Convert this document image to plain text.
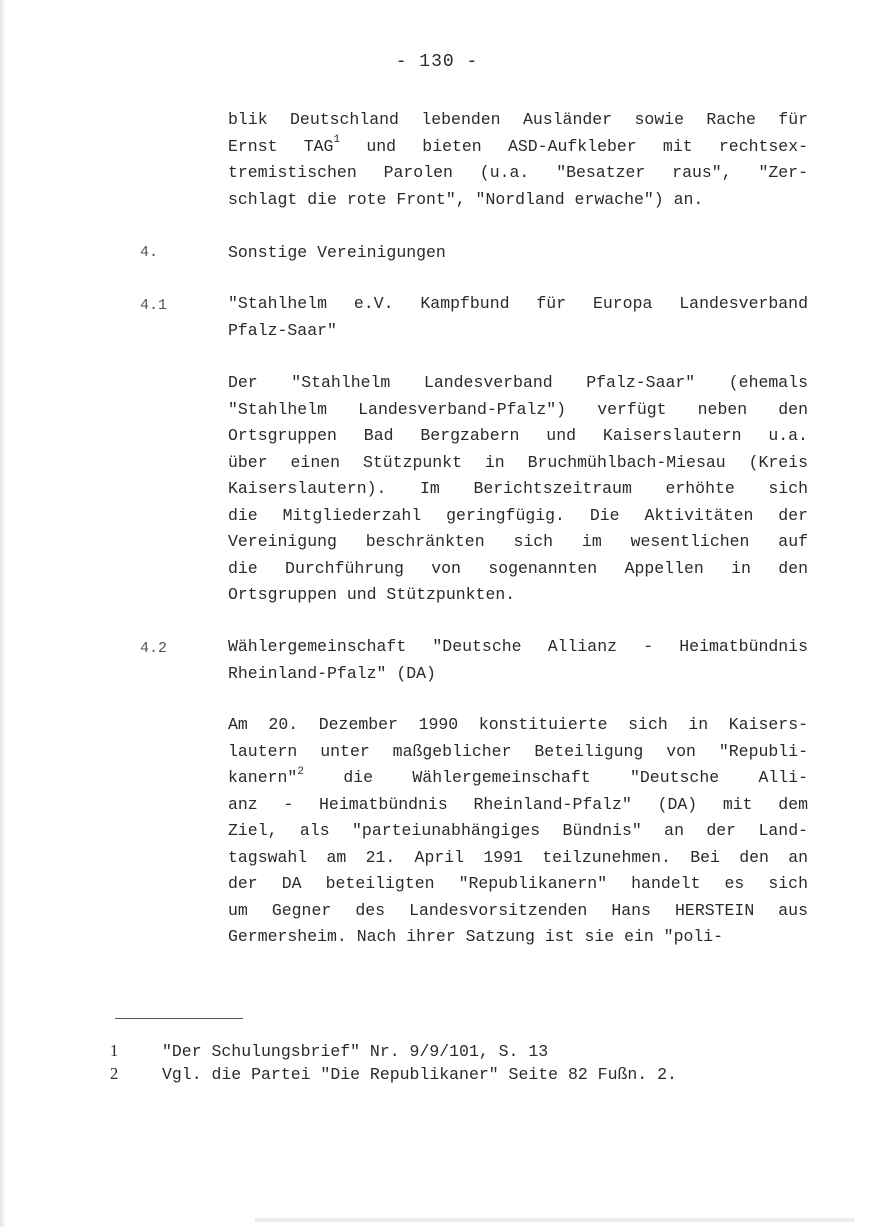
- 130 -
blik Deutschland lebenden Ausländer sowie Rache für
Ernst TAG$^1$ und bieten ASD-Aufkleber mit rechtsex-
tremistischen Parolen (u.a. "Besatzer raus", "Zer-
schlagt die rote Front", "Nordland erwache") an.
4.	Sonstige Vereinigungen
4.1	"Stahlhelm e.V. Kampfbund für Europa Landesverband
Pfalz-Saar"
Der "Stahlhelm Landesverband Pfalz-Saar" (ehemals
"Stahlhelm Landesverband-Pfalz") verfügt neben den
Ortsgruppen Bad Bergzabern und Kaiserslautern u.a.
über einen Stützpunkt in Bruchmühlbach-Miesau (Kreis
Kaiserslautern). Im Berichtszeitraum erhöhte sich
die Mitgliederzahl geringfügig. Die Aktivitäten der
Vereinigung beschränkten sich im wesentlichen auf
die Durchführung von sogenannten Appellen in den
Ortsgruppen und Stützpunkten.
4.2	Wählergemeinschaft "Deutsche Allianz - Heimatbündnis
Rheinland-Pfalz" (DA)
Am 20. Dezember 1990 konstituierte sich in Kaisers-
lautern unter maßgeblicher Beteiligung von "Republi-
kanern"$^2$ die Wählergemeinschaft "Deutsche Alli-
anz - Heimatbündnis Rheinland-Pfalz" (DA) mit dem
Ziel, als "parteiunabhängiges Bündnis" an der Land-
tagswahl am 21. April 1991 teilzunehmen. Bei den an
der DA beteiligten "Republikanern" handelt es sich
um Gegner des Landesvorsitzenden Hans HERSTEIN aus
Germersheim. Nach ihrer Satzung ist sie ein "poli-
1	"Der Schulungsbrief" Nr. 9/9/101, S. 13
2	Vgl. die Partei "Die Republikaner" Seite 82 Fußn. 2.
